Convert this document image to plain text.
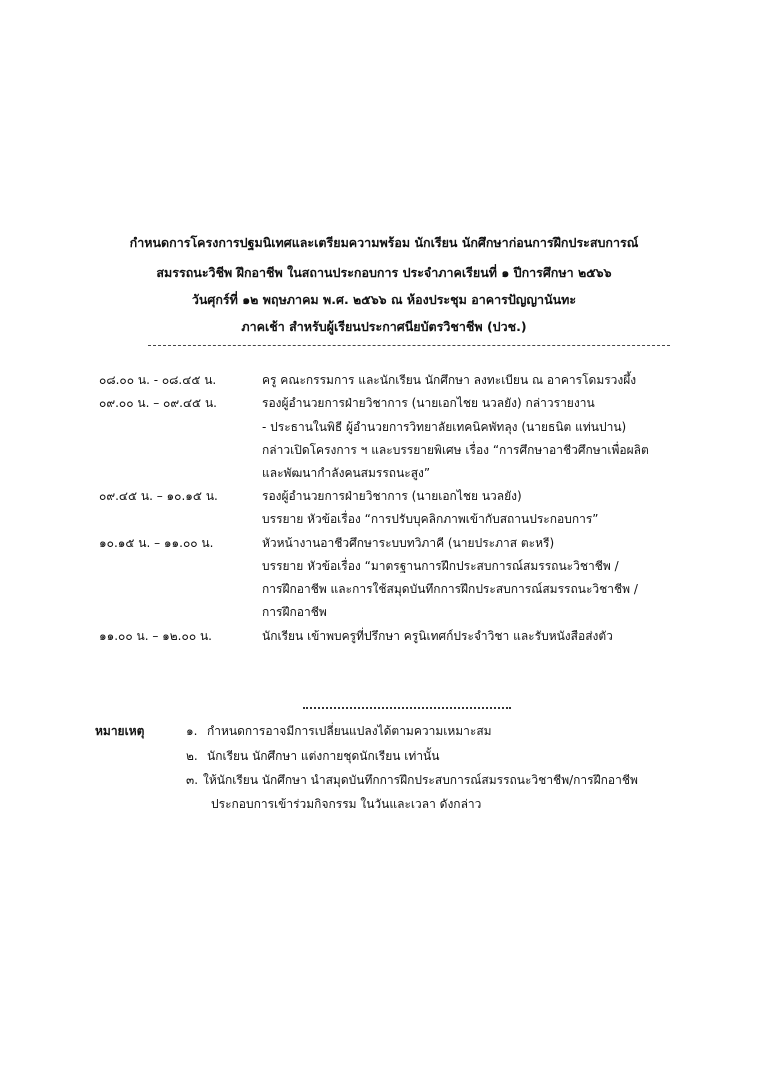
กำหนดการโครงการปฐมนิเทศและเตรียมความพร้อม นักเรียน นักศึกษาก่อนการฝึกประสบการณ์
สมรรถนะวิชีพ ฝึกอาชีพ ในสถานประกอบการ ประจำภาคเรียนที่ ๑ ปีการศึกษา ๒๕๖๖
วันศุกร์ที่ ๑๒ พฤษภาคม พ.ศ. ๒๕๖๖ ณ ห้องประชุม อาคารปัญญานันทะ
ภาคเช้า สำหรับผู้เรียนประกาศนียบัตรวิชาชีพ (ปวช.)
๐๘.๐๐ น. - ๐๘.๔๕ น.	ครู คณะกรรมการ และนักเรียน นักศึกษา ลงทะเบียน ณ อาคารโดมรวงผึ้ง
๐๙.๐๐ น. – ๐๙.๔๕ น.	รองผู้อำนวยการฝ่ายวิชาการ (นายเอกไชย นวลยัง) กล่าวรายงาน
- ประธานในพิธี ผู้อำนวยการวิทยาลัยเทคนิคพัทลุง (นายธนิต แท่นปาน)
กล่าวเปิดโครงการ ฯ และบรรยายพิเศษ เรื่อง “การศึกษาอาชีวศึกษาเพื่อผลิต
และพัฒนากำลังคนสมรรถนะสูง”
๐๙.๔๕ น. – ๑๐.๑๕ น.	รองผู้อำนวยการฝ่ายวิชาการ (นายเอกไชย นวลยัง)
บรรยาย หัวข้อเรื่อง “การปรับบุคลิกภาพเข้ากับสถานประกอบการ”
๑๐.๑๕ น. – ๑๑.๐๐ น.	หัวหน้างานอาชีวศึกษาระบบทวิภาคี (นายประภาส ตะหรี)
บรรยาย หัวข้อเรื่อง “มาตรฐานการฝึกประสบการณ์สมรรถนะวิชาชีพ /
การฝึกอาชีพ และการใช้สมุดบันทึกการฝึกประสบการณ์สมรรถนะวิชาชีพ /
การฝึกอาชีพ
๑๑.๐๐ น. – ๑๒.๐๐ น.	นักเรียน เข้าพบครูที่ปรึกษา ครูนิเทศก์ประจำวิชา และรับหนังสือส่งตัว
หมายเหตุ	๑. กำหนดการอาจมีการเปลี่ยนแปลงได้ตามความเหมาะสม
๒. นักเรียน นักศึกษา แต่งกายชุดนักเรียน เท่านั้น
๓. ให้นักเรียน นักศึกษา นำสมุดบันทึกการฝึกประสบการณ์สมรรถนะวิชาชีพ/การฝึกอาชีพ
ประกอบการเข้าร่วมกิจกรรม ในวันและเวลา ดังกล่าว
